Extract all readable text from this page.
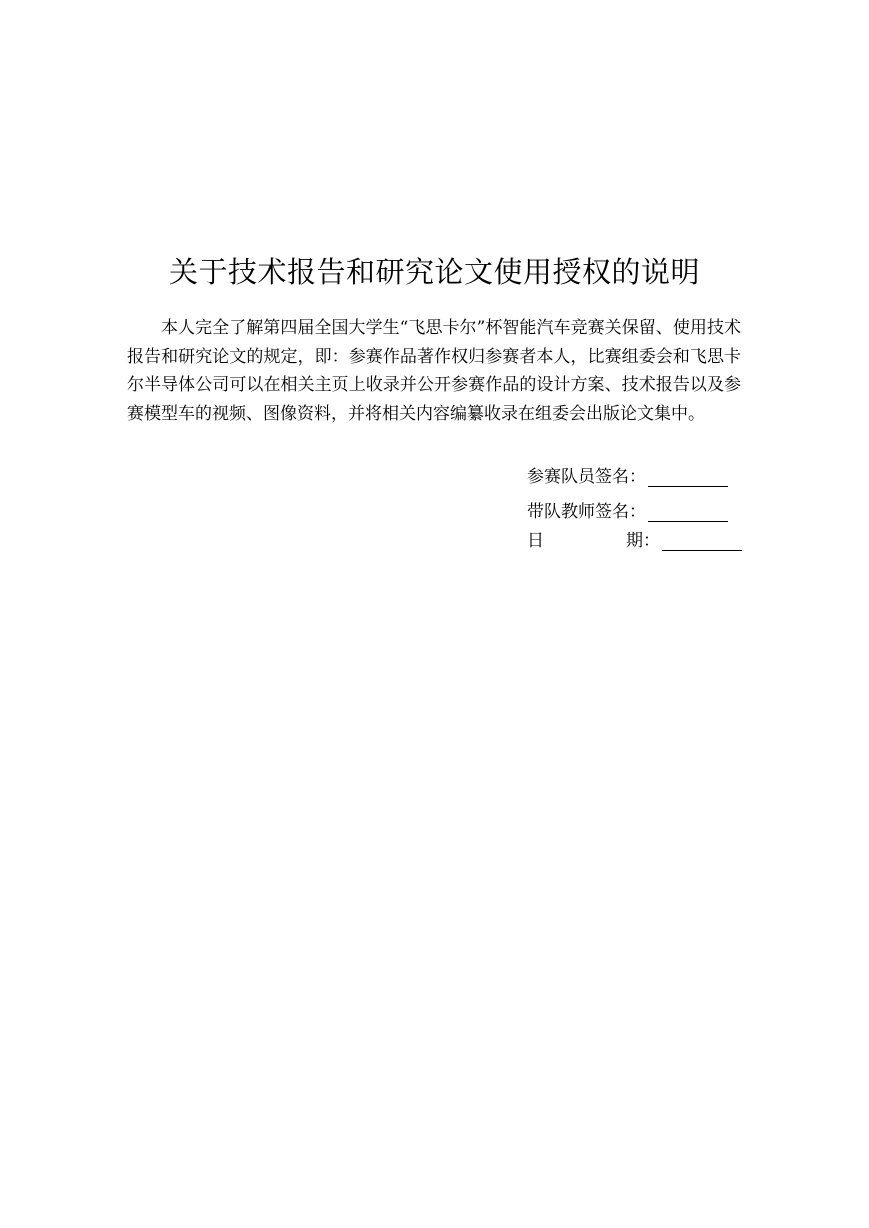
关于技术报告和研究论文使用授权的说明

本人完全了解第四届全国大学生“飞思卡尔”杯智能汽车竞赛关保留、使用技术报告和研究论文的规定，即：参赛作品著作权归参赛者本人，比赛组委会和飞思卡尔半导体公司可以在相关主页上收录并公开参赛作品的设计方案、技术报告以及参赛模型车的视频、图像资料，并将相关内容编纂收录在组委会出版论文集中。

参赛队员签名：
带队教师签名：
日	期：
